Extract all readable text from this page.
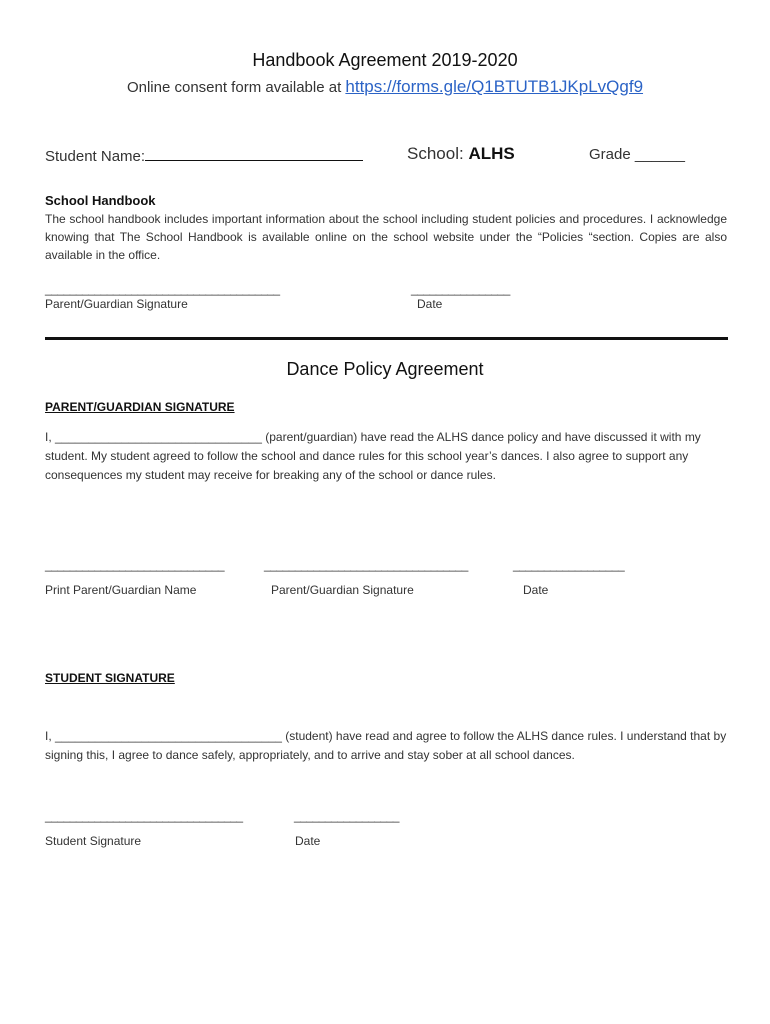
Handbook Agreement 2019-2020
Online consent form available at https://forms.gle/Q1BTUTB1JKpLvQgf9
Student Name:	School: ALHS	Grade ______
School Handbook
The school handbook includes important information about the school including student policies and procedures. I acknowledge knowing that The School Handbook is available online on the school website under the “Policies “section. Copies are also available in the office.
______________________________________	________________
Parent/Guardian Signature	Date
Dance Policy Agreement
PARENT/GUARDIAN SIGNATURE
I, _______________________________ (parent/guardian) have read the ALHS dance policy and have discussed it with my student. My student agreed to follow the school and dance rules for this school year’s dances. I also agree to support any consequences my student may receive for breaking any of the school or dance rules.
_____________________________	_________________________________	__________________
Print Parent/Guardian Name	Parent/Guardian Signature	Date
STUDENT SIGNATURE
I, __________________________________ (student) have read and agree to follow the ALHS dance rules. I understand that by signing this, I agree to dance safely, appropriately, and to arrive and stay sober at all school dances.
________________________________	_________________
Student Signature	Date
